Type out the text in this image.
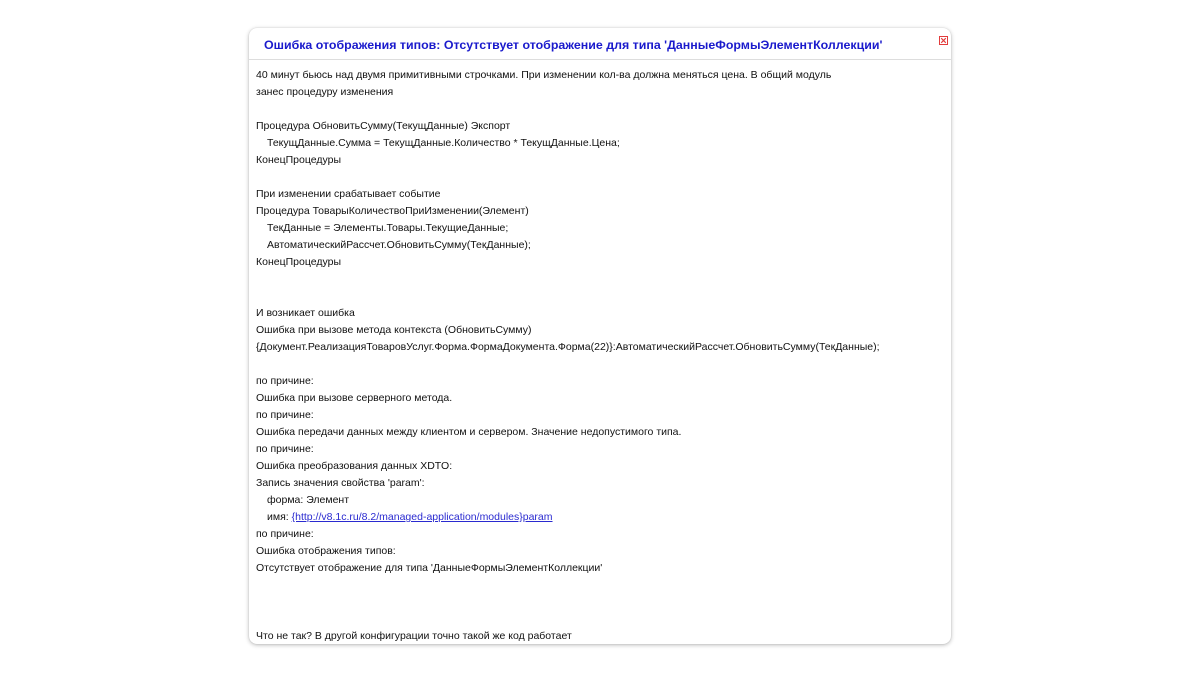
Ошибка отображения типов: Отсутствует отображение для типа 'ДанныеФормыЭлементКоллекции'
40 минут бьюсь над двумя примитивными строчками. При изменении кол-ва должна меняться цена. В общий модуль
занес процедуру изменения
Процедура ОбновитьСумму(ТекущДанные) Экспорт
ТекущДанные.Сумма = ТекущДанные.Количество * ТекущДанные.Цена;
КонецПроцедуры
При изменении срабатывает событие
Процедура ТоварыКоличествоПриИзменении(Элемент)
ТекДанные = Элементы.Товары.ТекущиеДанные;
АвтоматическийРассчет.ОбновитьСумму(ТекДанные);
КонецПроцедуры
И возникает ошибка
Ошибка при вызове метода контекста (ОбновитьСумму)
{Документ.РеализацияТоваровУслуг.Форма.ФормаДокумента.Форма(22)}:АвтоматическийРассчет.ОбновитьСумму(ТекДанные);
по причине:
Ошибка при вызове серверного метода.
по причине:
Ошибка передачи данных между клиентом и сервером. Значение недопустимого типа.
по причине:
Ошибка преобразования данных XDTO:
Запись значения свойства 'param':
форма: Элемент
имя: {http://v8.1c.ru/8.2/managed-application/modules}param
по причине:
Ошибка отображения типов:
Отсутствует отображение для типа 'ДанныеФормыЭлементКоллекции'
Что не так? В другой конфигурации точно такой же код работает
